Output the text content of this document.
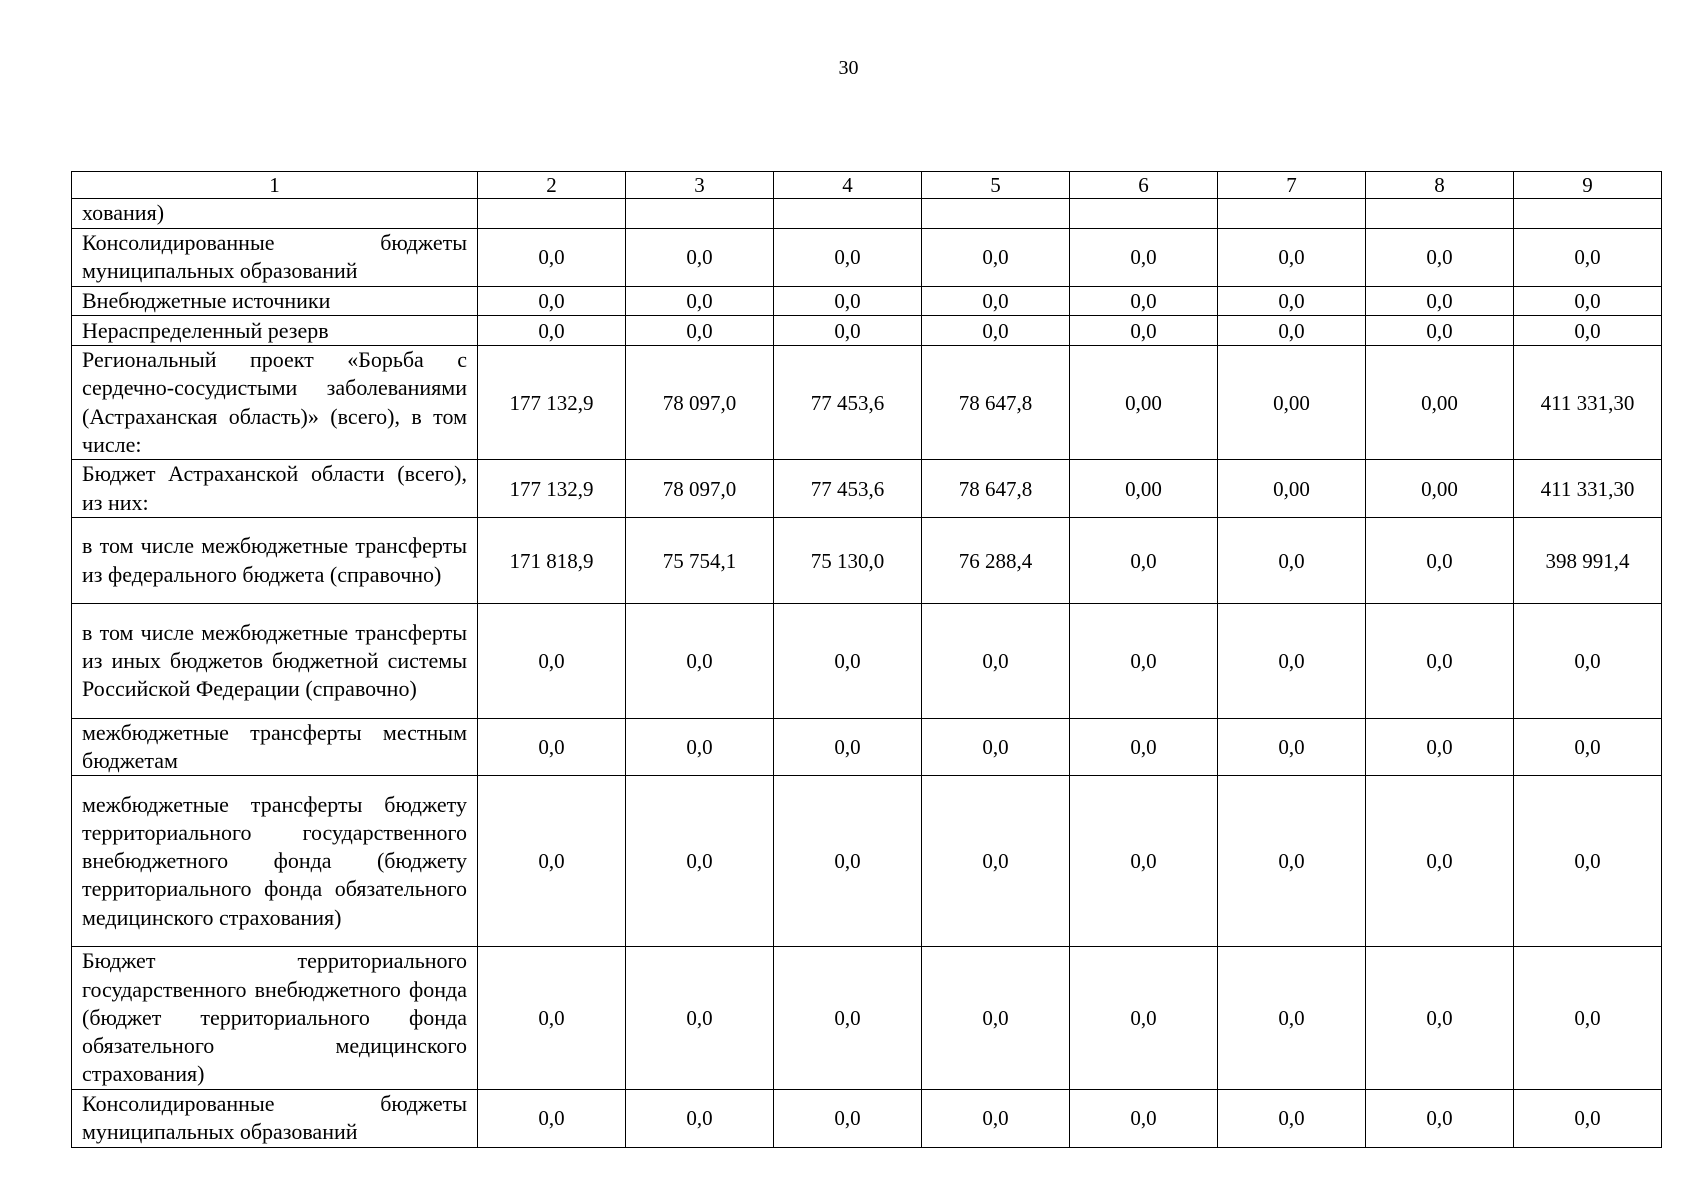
30
1	2	3	4	5	6	7	8	9
хования)								
Консолидированные бюджеты муниципальных образований	0,0	0,0	0,0	0,0	0,0	0,0	0,0	0,0
Внебюджетные источники	0,0	0,0	0,0	0,0	0,0	0,0	0,0	0,0
Нераспределенный резерв	0,0	0,0	0,0	0,0	0,0	0,0	0,0	0,0
Региональный проект «Борьба с сердечно-сосудистыми заболеваниями (Астраханская область)» (всего), в том числе:	177 132,9	78 097,0	77 453,6	78 647,8	0,00	0,00	0,00	411 331,30
Бюджет Астраханской области (всего), из них:	177 132,9	78 097,0	77 453,6	78 647,8	0,00	0,00	0,00	411 331,30
в том числе межбюджетные трансферты из федерального бюджета (справочно)	171 818,9	75 754,1	75 130,0	76 288,4	0,0	0,0	0,0	398 991,4
в том числе межбюджетные трансферты из иных бюджетов бюджетной системы Российской Федерации (справочно)	0,0	0,0	0,0	0,0	0,0	0,0	0,0	0,0
межбюджетные трансферты местным бюджетам	0,0	0,0	0,0	0,0	0,0	0,0	0,0	0,0
межбюджетные трансферты бюджету территориального государственного внебюджетного фонда (бюджету территориального фонда обязательного медицинского страхования)	0,0	0,0	0,0	0,0	0,0	0,0	0,0	0,0
Бюджет территориального государственного внебюджетного фонда (бюджет территориального фонда обязательного медицинского страхования)	0,0	0,0	0,0	0,0	0,0	0,0	0,0	0,0
Консолидированные бюджеты муниципальных образований	0,0	0,0	0,0	0,0	0,0	0,0	0,0	0,0
